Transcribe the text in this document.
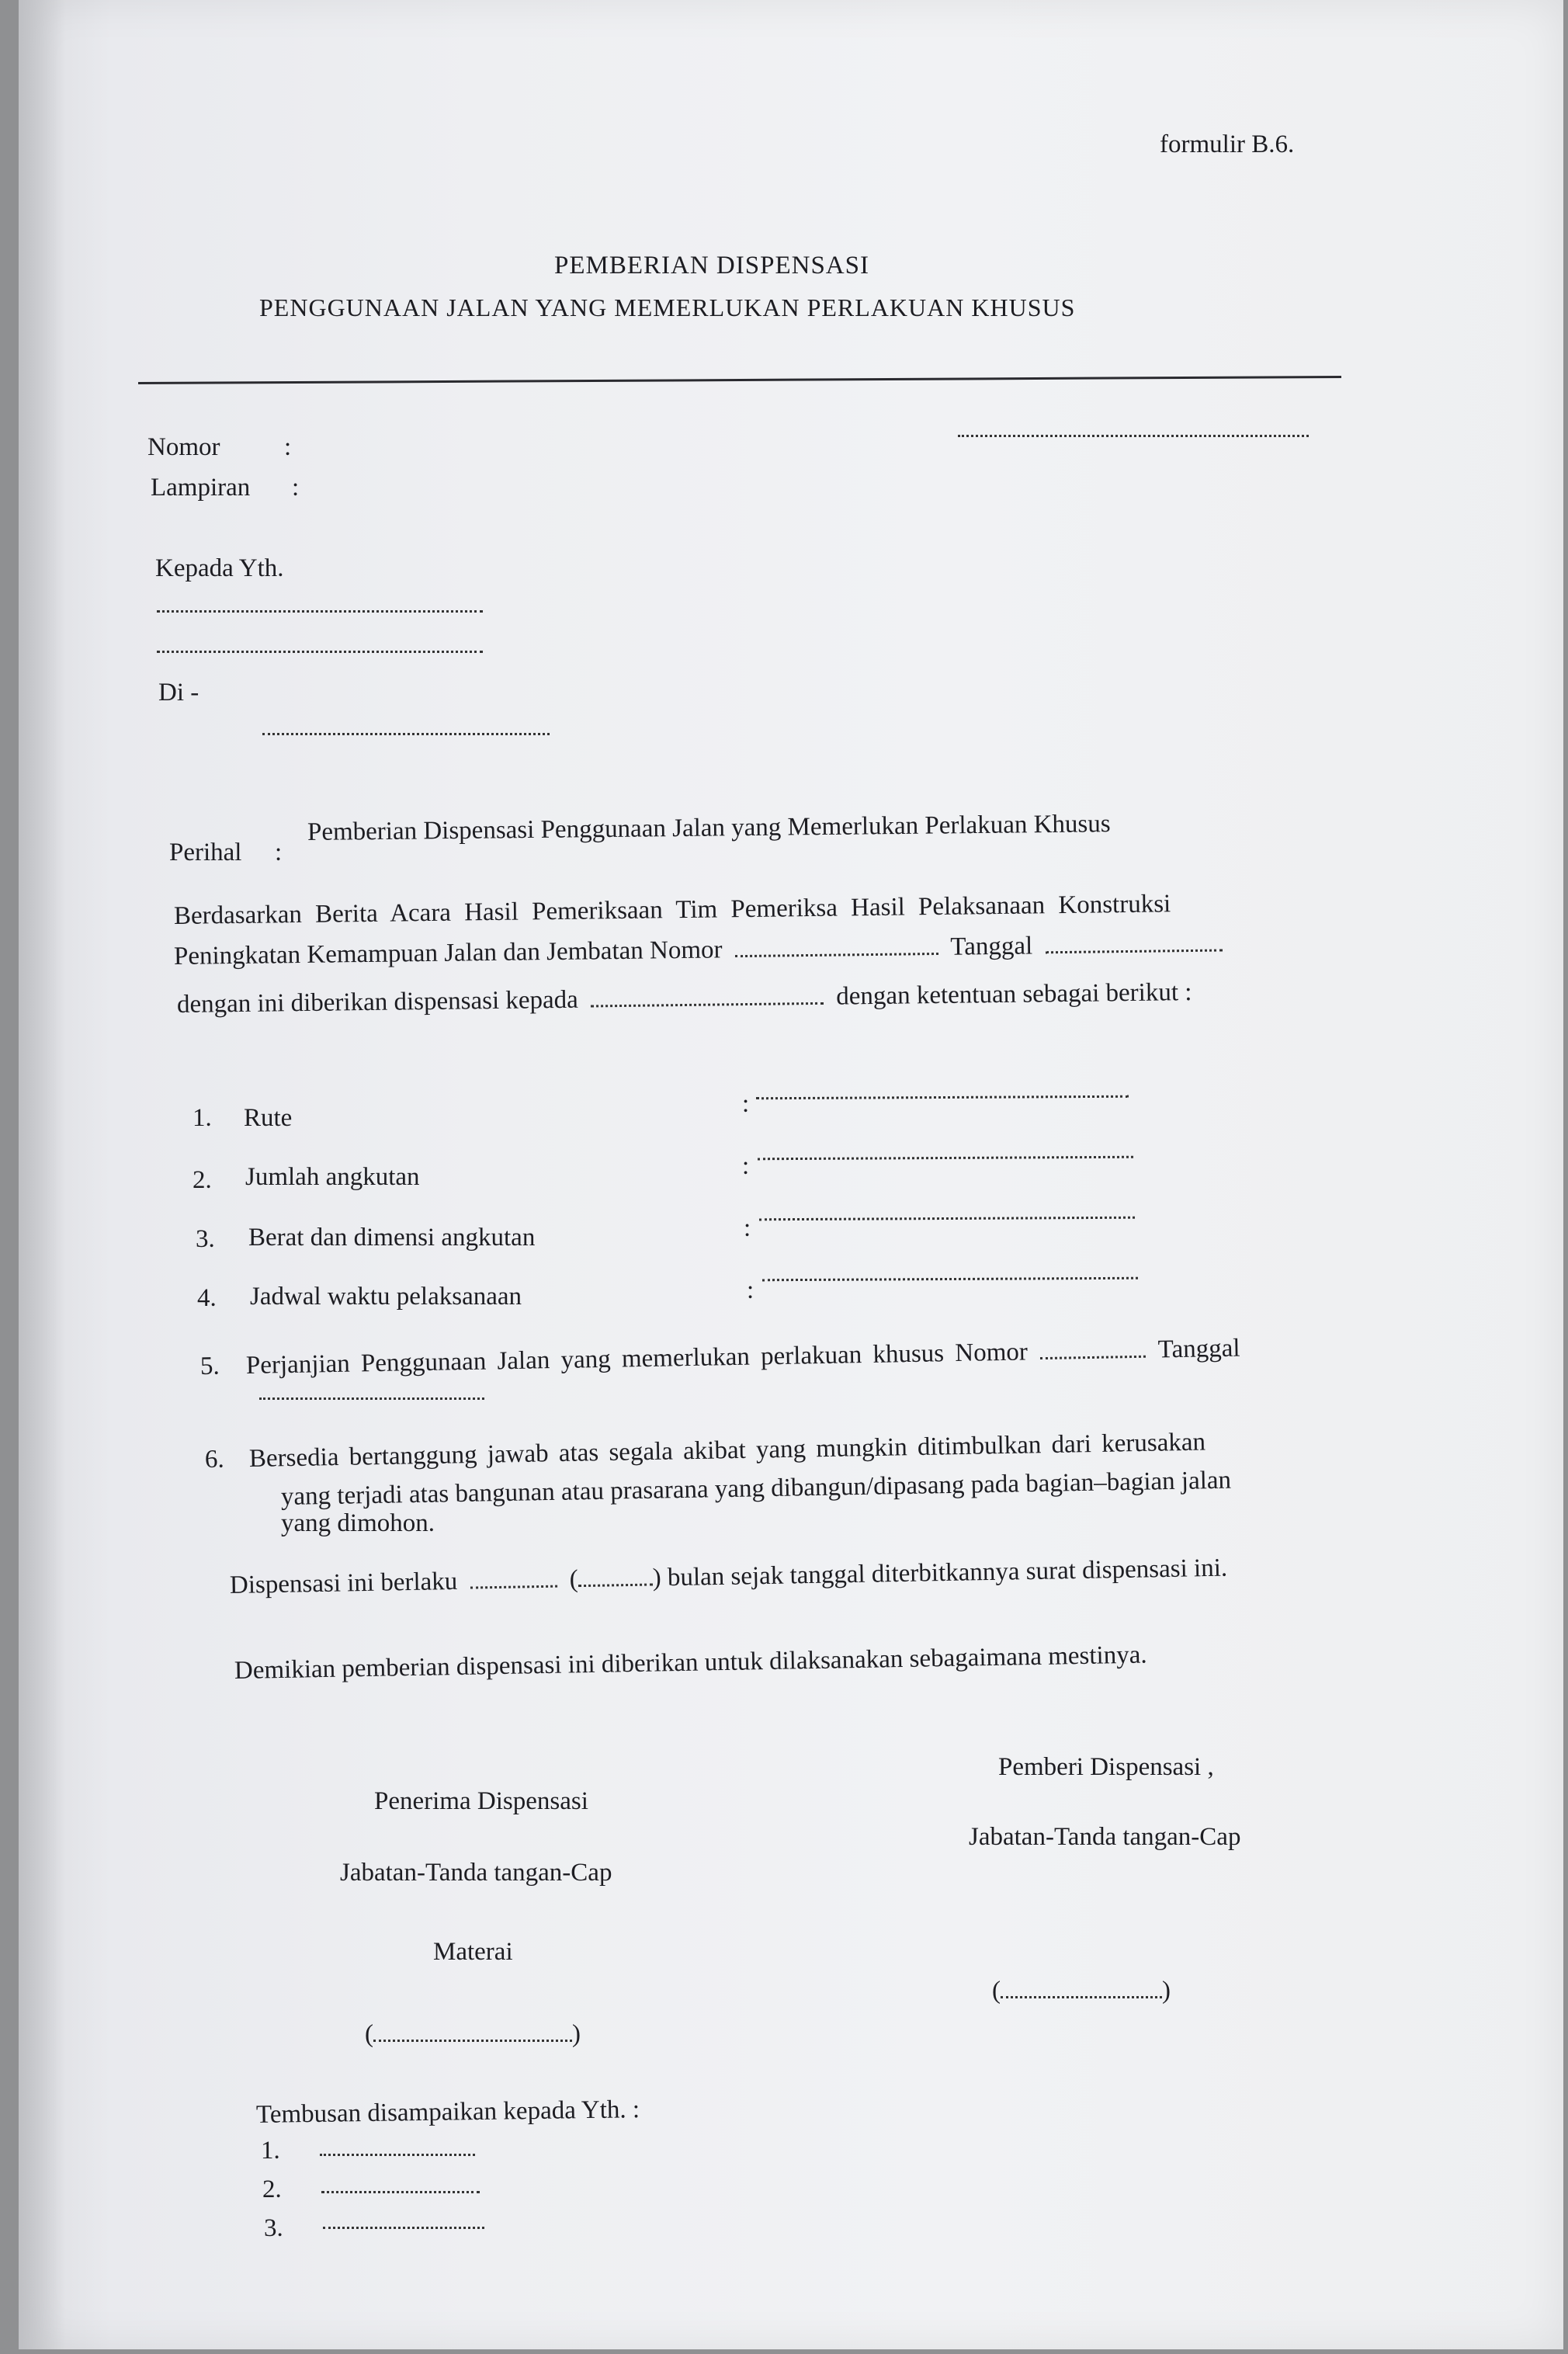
formulir B.6.
PEMBERIAN DISPENSASI
PENGGUNAAN JALAN YANG MEMERLUKAN PERLAKUAN KHUSUS
Nomor	:
Lampiran :
Kepada Yth.
Di -
Perihal :
Pemberian Dispensasi Penggunaan Jalan yang Memerlukan Perlakuan Khusus
Berdasarkan Berita Acara Hasil Pemeriksaan Tim Pemeriksa Hasil Pelaksanaan Konstruksi
Peningkatan Kemampuan Jalan dan Jembatan Nomor	Tanggal
dengan ini diberikan dispensasi kepada	dengan ketentuan sebagai berikut :
1. Rute	:
2. Jumlah angkutan	:
3. Berat dan dimensi angkutan	:
4. Jadwal waktu pelaksanaan	:
5. Perjanjian Penggunaan Jalan yang memerlukan perlakuan khusus Nomor	Tanggal
6. Bersedia bertanggung jawab atas segala akibat yang mungkin ditimbulkan dari kerusakan
yang terjadi atas bangunan atau prasarana yang dibangun/dipasang pada bagian–bagian jalan
yang dimohon.
Dispensasi ini berlaku	(	) bulan sejak tanggal diterbitkannya surat dispensasi ini.
Demikian pemberian dispensasi ini diberikan untuk dilaksanakan sebagaimana mestinya.
Pemberi Dispensasi ,
Penerima Dispensasi
Jabatan-Tanda tangan-Cap
Jabatan-Tanda tangan-Cap
Materai
(	)
(	)
Tembusan disampaikan kepada Yth. :
1.
2.
3.
